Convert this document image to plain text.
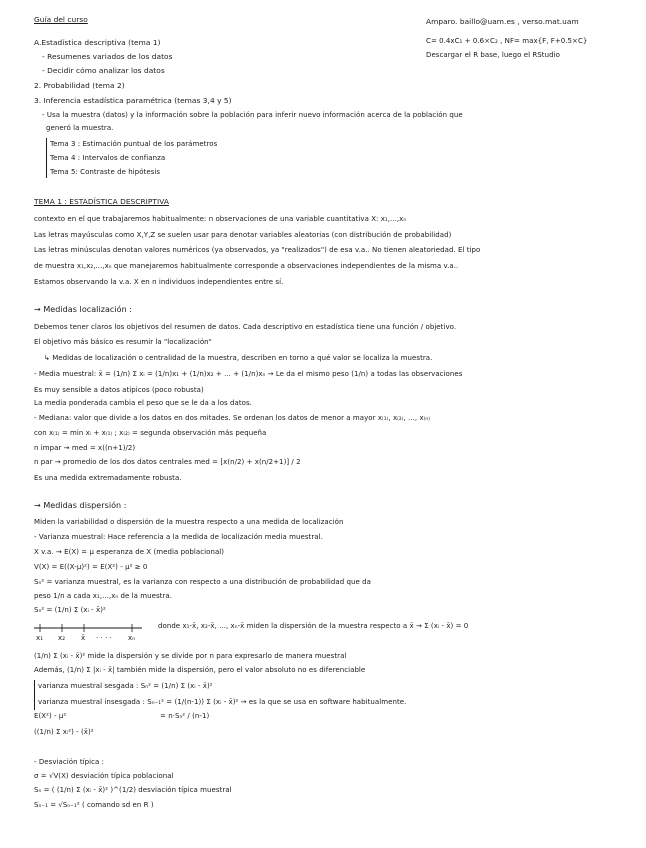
Guía del curso	Amparo. baillo@uam.es , verso.mat.uam
C= 0.4xC₁ + 0.6×C₂ , NF= max{F, F+0.5×C}
Descargar el R base, luego el RStudio
A.Estadística descriptiva (tema 1)
- Resumenes variados de los datos
- Decidir cómo analizar los datos
2. Probabilidad (tema 2)
3. Inferencia estadística paramétrica (temas 3,4 y 5)
- Usa la muestra (datos) y la información sobre la población para inferir nuevo información acerca de la población que
generó la muestra.
Tema 3 : Estimación puntual de los parámetros
Tema 4 : Intervalos de confianza
Tema 5: Contraste de hipótesis
TEMA 1 : ESTADÍSTICA DESCRIPTIVA
contexto en el que trabajaremos habitualmente: n observaciones de una variable cuantitativa X: x₁,...,xₙ
Las letras mayúsculas como X,Y,Z se suelen usar para denotar variables aleatorias (con distribución de probabilidad)
Las letras minúsculas denotan valores numéricos (ya observados, ya "realizados") de esa v.a.. No tienen aleatoriedad. El tipo
de muestra x₁,x₂,...,xₙ que manejaremos habitualmente corresponde a observaciones independientes de la misma v.a..
Estamos observando la v.a. X en n individuos independientes entre sí.
→ Medidas localización :
Debemos tener claros los objetivos del resumen de datos. Cada descriptivo en estadística tiene una función / objetivo.
El objetivo más básico es resumir la "localización"
↳ Medidas de localización o centralidad de la muestra, describen en torno a qué valor se localiza la muestra.
- Media muestral: x̄ = (1/n) Σ xᵢ = (1/n)x₁ + (1/n)x₂ + ... + (1/n)xₙ → Le da el mismo peso (1/n) a todas las observaciones
Es muy sensible a datos atípicos (poco robusta)
La media ponderada cambia el peso que se le da a los datos.
- Mediana: valor que divide a los datos en dos mitades. Se ordenan los datos de menor a mayor x₍₁₎, x₍₂₎, ..., x₍ₙ₎
con x₍₁₎ = min xᵢ + x₍₁₎ ; x₍₂₎ = segunda observación más pequeña
n impar → med = x((n+1)/2)
n par → promedio de los dos datos centrales med = [x(n/2) + x(n/2+1)] / 2
Es una medida extremadamente robusta.
→ Medidas dispersión :
Miden la variabilidad o dispersión de la muestra respecto a una medida de localización
- Varianza muestral: Hace referencia a la medida de localización media muestral.
X v.a. → E(X) = μ esperanza de X (media poblacional)
V(X) = E((X-μ)²) = E(X²) - μ² ≥ 0
Sₙ² = varianza muestral, es la varianza con respecto a una distribución de probabilidad que da
peso 1/n a cada x₁,...,xₙ de la muestra.
Sₙ² = (1/n) Σ (xᵢ - x̄)²
x₁ x₂ x̄ · · · · xₙ
donde x₁-x̄, x₂-x̄, ..., xₙ-x̄ miden la dispersión de la muestra respecto a x̄ → Σ (xᵢ - x̄) = 0
(1/n) Σ (xᵢ - x̄)² mide la dispersión y se divide por n para expresarlo de manera muestral
Además, (1/n) Σ |xᵢ - x̄| también mide la dispersión, pero el valor absoluto no es diferenciable
varianza muestral sesgada : Sₙ² = (1/n) Σ (xᵢ - x̄)²
varianza muestral insesgada : Sₙ₋₁² = (1/(n-1)) Σ (xᵢ - x̄)² → es la que se usa en software habitualmente.
= n·Sₙ² / (n-1)
E(X²) - μ²
((1/n) Σ xᵢ²) - (x̄)²
- Desviación típica :
σ = √V(X) desviación típica poblacional
Sₙ = ( (1/n) Σ (xᵢ - x̄)² )^(1/2) desviación típica muestral
Sₙ₋₁ = √Sₙ₋₁² ( comando sd en R )
